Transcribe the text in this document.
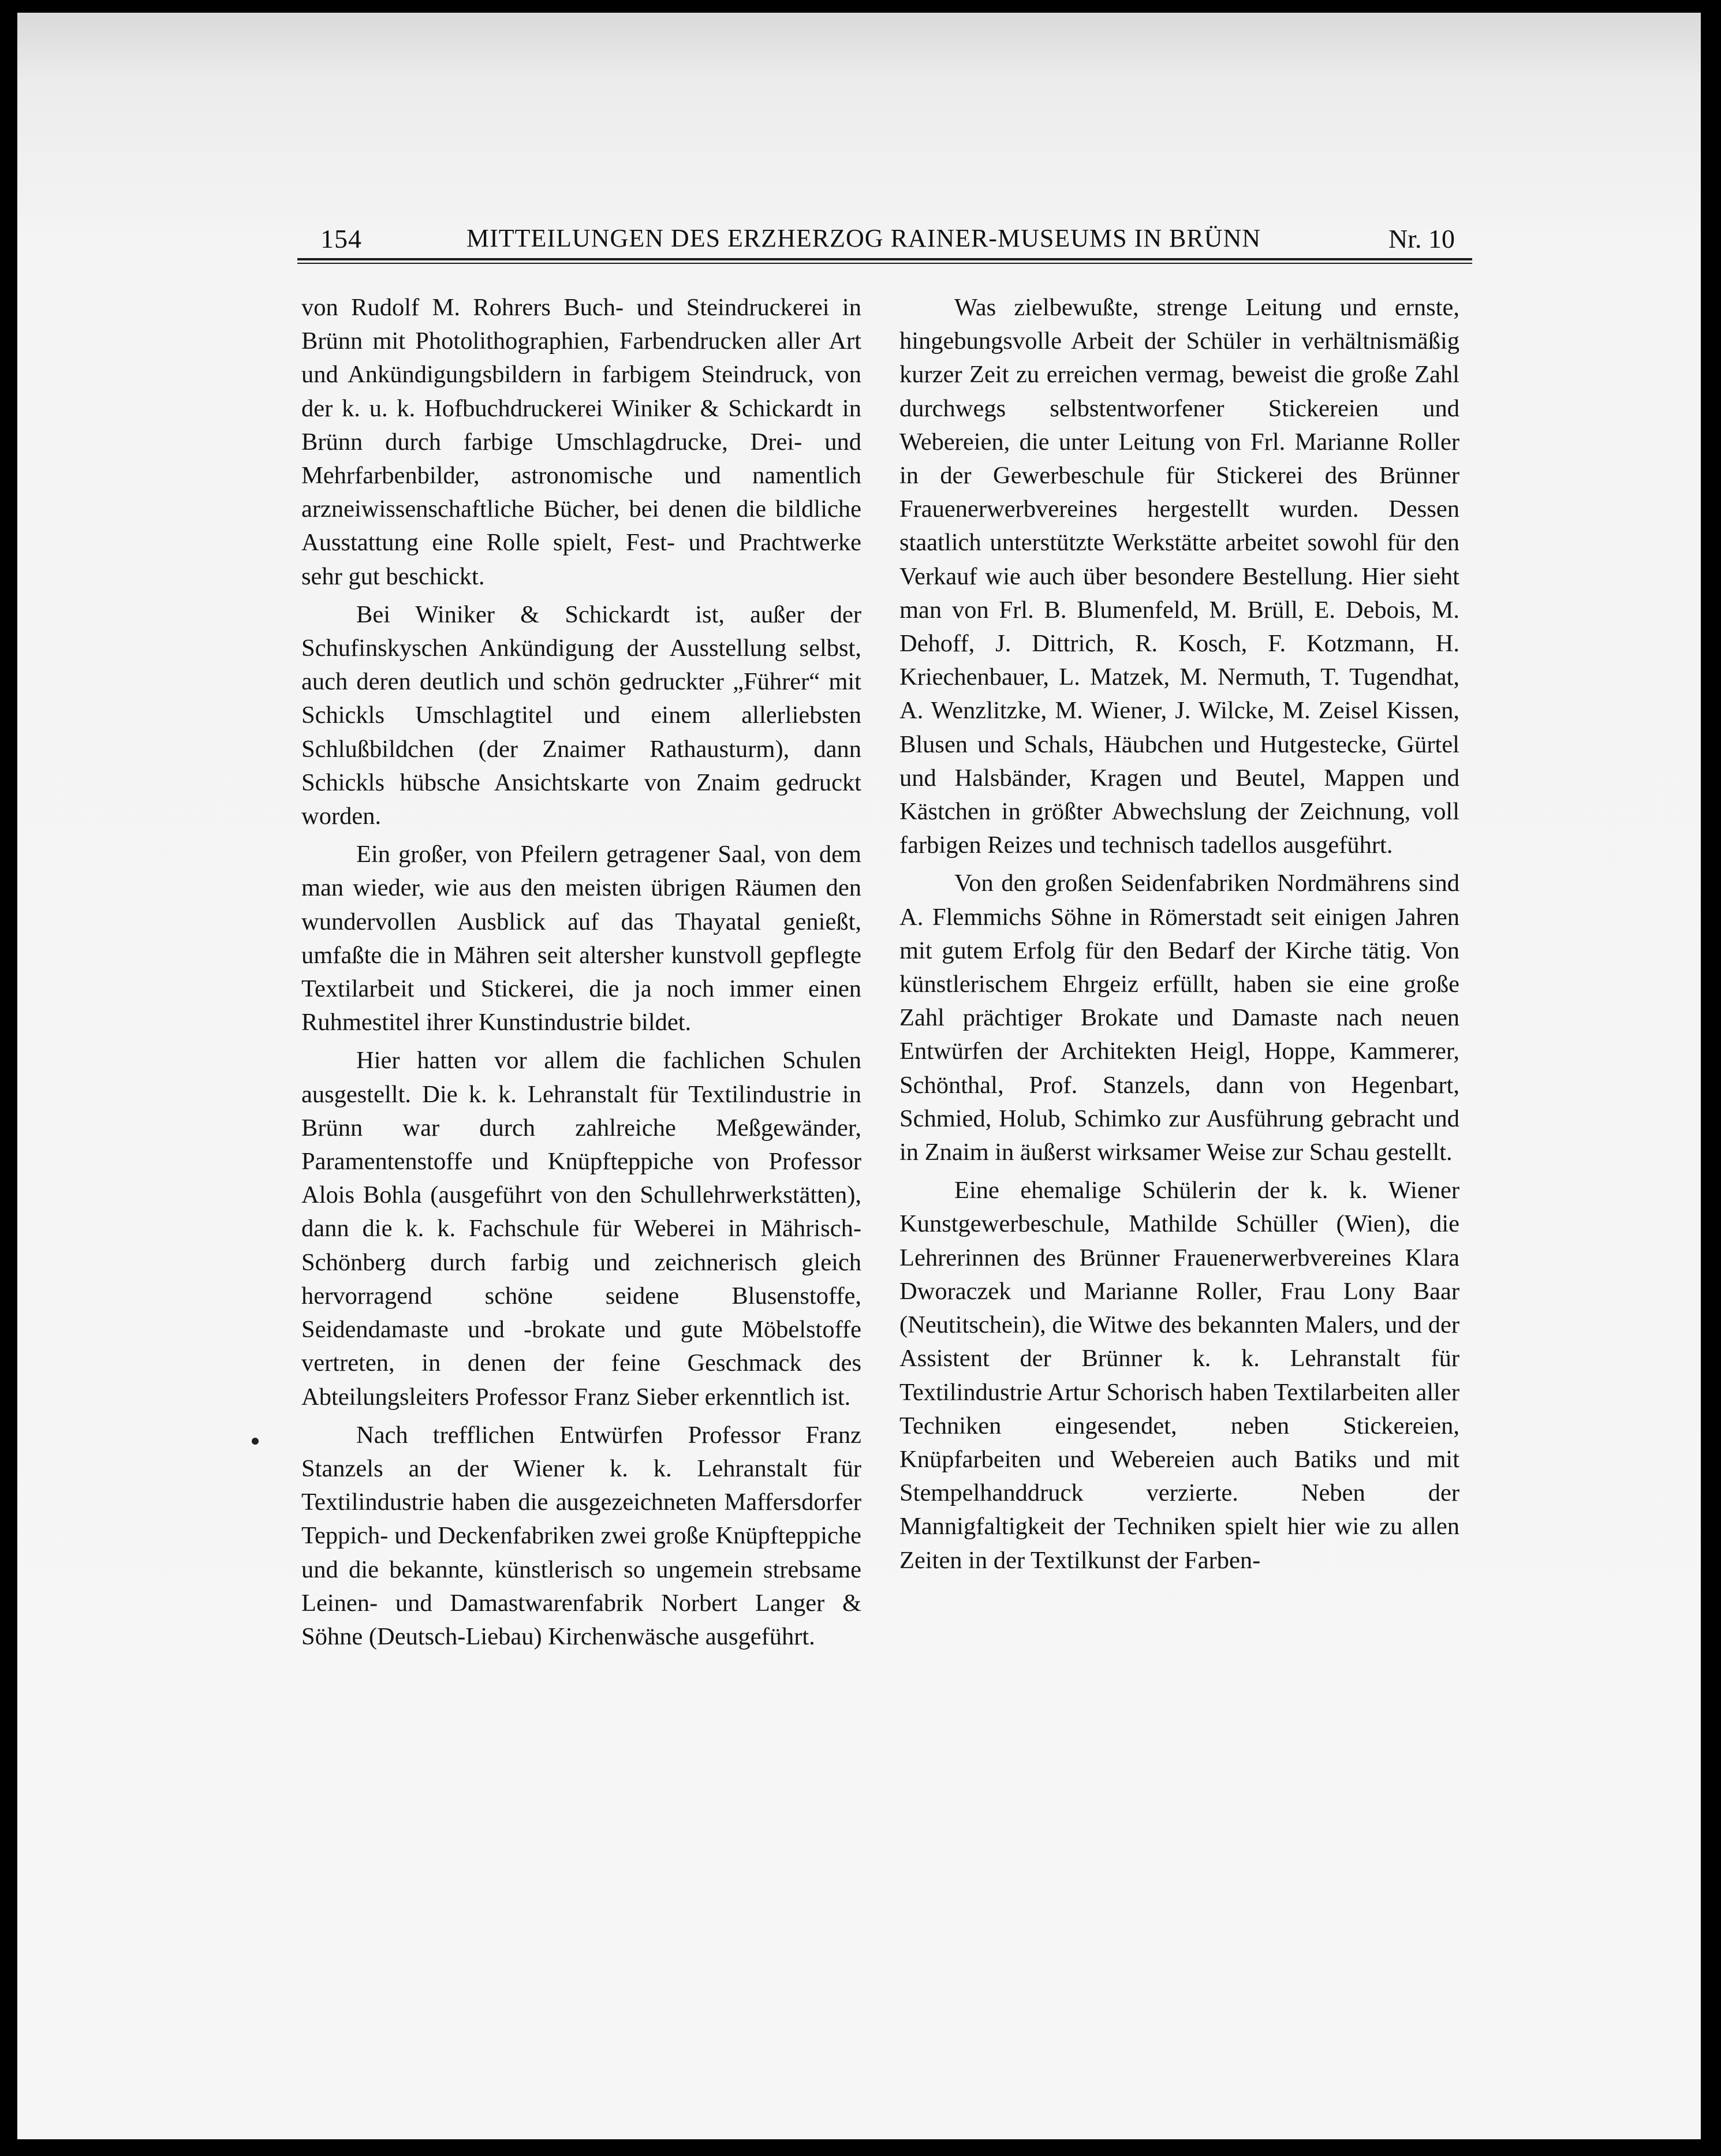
154	MITTEILUNGEN DES ERZHERZOG RAINER-MUSEUMS IN BRÜNN	Nr. 10

von Rudolf M. Rohrers Buch- und Steindruckerei in Brünn mit Photolithographien, Farbendrucken aller Art und Ankündigungsbildern in farbigem Steindruck, von der k. u. k. Hofbuchdruckerei Winiker & Schickardt in Brünn durch farbige Umschlagdrucke, Drei- und Mehrfarbenbilder, astronomische und namentlich arzneiwissenschaftliche Bücher, bei denen die bildliche Ausstattung eine Rolle spielt, Fest- und Prachtwerke sehr gut beschickt.

Bei Winiker & Schickardt ist, außer der Schufinskyschen Ankündigung der Ausstellung selbst, auch deren deutlich und schön gedruckter „Führer“ mit Schickls Umschlagtitel und einem allerliebsten Schlußbildchen (der Znaimer Rathausturm), dann Schickls hübsche Ansichtskarte von Znaim gedruckt worden.

Ein großer, von Pfeilern getragener Saal, von dem man wieder, wie aus den meisten übrigen Räumen den wundervollen Ausblick auf das Thayatal genießt, umfaßte die in Mähren seit altersher kunstvoll gepflegte Textilarbeit und Stickerei, die ja noch immer einen Ruhmestitel ihrer Kunstindustrie bildet.

Hier hatten vor allem die fachlichen Schulen ausgestellt. Die k. k. Lehranstalt für Textilindustrie in Brünn war durch zahlreiche Meßgewänder, Paramentenstoffe und Knüpfteppiche von Professor Alois Bohla (ausgeführt von den Schullehrwerkstätten), dann die k. k. Fachschule für Weberei in Mährisch-Schönberg durch farbig und zeichnerisch gleich hervorragend schöne seidene Blusenstoffe, Seidendamaste und -brokate und gute Möbelstoffe vertreten, in denen der feine Geschmack des Abteilungsleiters Professor Franz Sieber erkenntlich ist.

Nach trefflichen Entwürfen Professor Franz Stanzels an der Wiener k. k. Lehranstalt für Textilindustrie haben die ausgezeichneten Maffersdorfer Teppich- und Deckenfabriken zwei große Knüpfteppiche und die bekannte, künstlerisch so ungemein strebsame Leinen- und Damastwarenfabrik Norbert Langer & Söhne (Deutsch-Liebau) Kirchenwäsche ausgeführt.

Was zielbewußte, strenge Leitung und ernste, hingebungsvolle Arbeit der Schüler in verhältnismäßig kurzer Zeit zu erreichen vermag, beweist die große Zahl durchwegs selbstentworfener Stickereien und Webereien, die unter Leitung von Frl. Marianne Roller in der Gewerbeschule für Stickerei des Brünner Frauenerwerbvereines hergestellt wurden. Dessen staatlich unterstützte Werkstätte arbeitet sowohl für den Verkauf wie auch über besondere Bestellung. Hier sieht man von Frl. B. Blumenfeld, M. Brüll, E. Debois, M. Dehoff, J. Dittrich, R. Kosch, F. Kotzmann, H. Kriechenbauer, L. Matzek, M. Nermuth, T. Tugendhat, A. Wenzlitzke, M. Wiener, J. Wilcke, M. Zeisel Kissen, Blusen und Schals, Häubchen und Hutgestecke, Gürtel und Halsbänder, Kragen und Beutel, Mappen und Kästchen in größter Abwechslung der Zeichnung, voll farbigen Reizes und technisch tadellos ausgeführt.

Von den großen Seidenfabriken Nordmährens sind A. Flemmichs Söhne in Römerstadt seit einigen Jahren mit gutem Erfolg für den Bedarf der Kirche tätig. Von künstlerischem Ehrgeiz erfüllt, haben sie eine große Zahl prächtiger Brokate und Damaste nach neuen Entwürfen der Architekten Heigl, Hoppe, Kammerer, Schönthal, Prof. Stanzels, dann von Hegenbart, Schmied, Holub, Schimko zur Ausführung gebracht und in Znaim in äußerst wirksamer Weise zur Schau gestellt.

Eine ehemalige Schülerin der k. k. Wiener Kunstgewerbeschule, Mathilde Schüller (Wien), die Lehrerinnen des Brünner Frauenerwerbvereines Klara Dworaczek und Marianne Roller, Frau Lony Baar (Neutitschein), die Witwe des bekannten Malers, und der Assistent der Brünner k. k. Lehranstalt für Textilindustrie Artur Schorisch haben Textilarbeiten aller Techniken eingesendet, neben Stickereien, Knüpfarbeiten und Webereien auch Batiks und mit Stempelhanddruck verzierte. Neben der Mannigfaltigkeit der Techniken spielt hier wie zu allen Zeiten in der Textilkunst der Farben-
